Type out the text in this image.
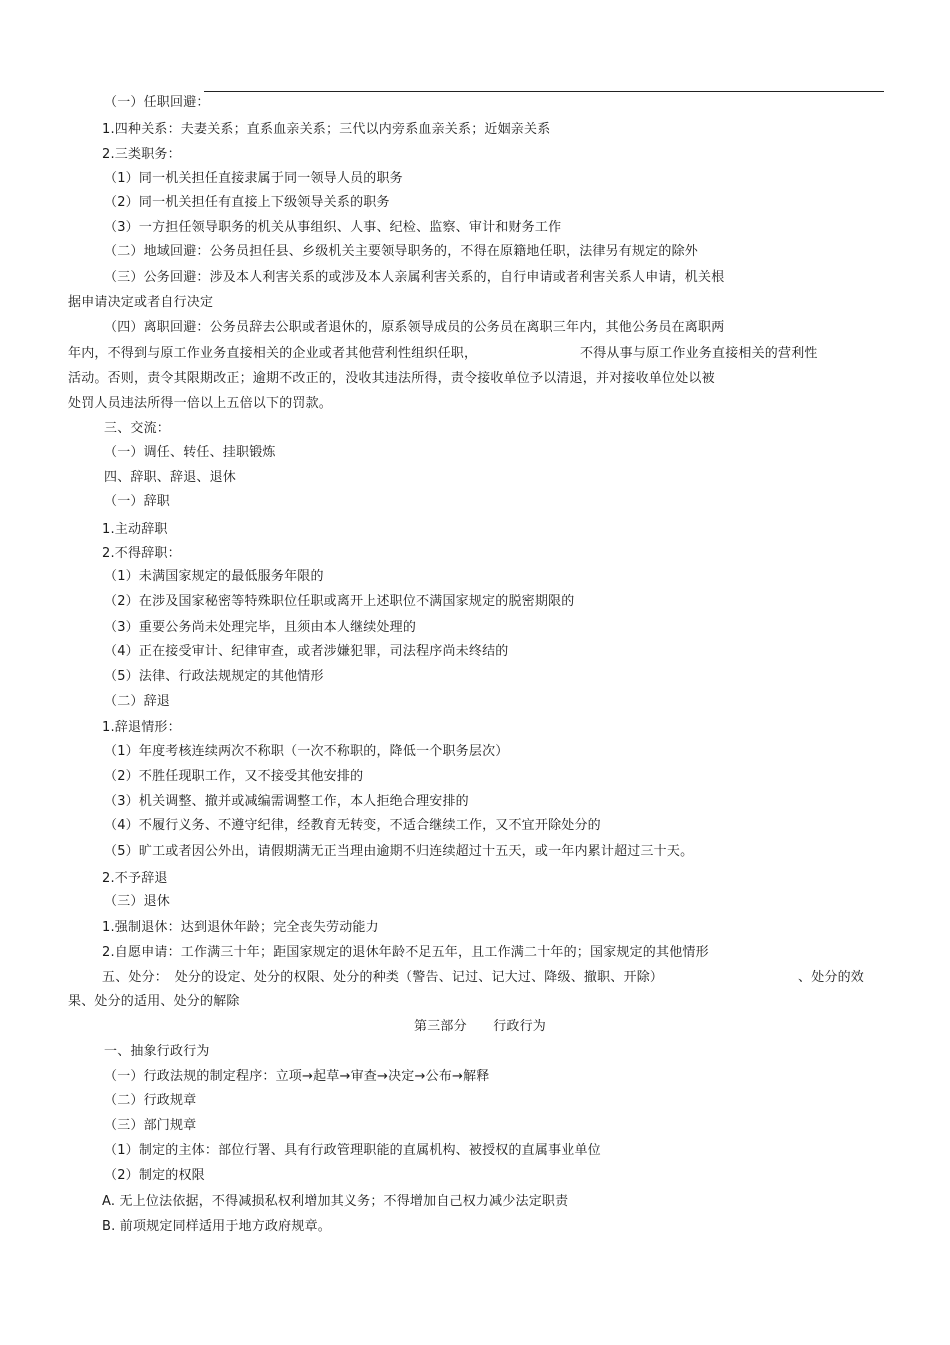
（一）任职回避：
1.四种关系：夫妻关系；直系血亲关系；三代以内旁系血亲关系；近姻亲关系
2.三类职务：
（1）同一机关担任直接隶属于同一领导人员的职务
（2）同一机关担任有直接上下级领导关系的职务
（3）一方担任领导职务的机关从事组织、人事、纪检、监察、审计和财务工作
（二）地域回避：公务员担任县、乡级机关主要领导职务的，不得在原籍地任职，法律另有规定的除外
（三）公务回避：涉及本人利害关系的或涉及本人亲属利害关系的，自行申请或者利害关系人申请，机关根
据申请决定或者自行决定
（四）离职回避：公务员辞去公职或者退休的，原系领导成员的公务员在离职三年内，其他公务员在离职两
年内，不得到与原工作业务直接相关的企业或者其他营利性组织任职，	不得从事与原工作业务直接相关的营利性
活动。否则，责令其限期改正；逾期不改正的，没收其违法所得，责令接收单位予以清退，并对接收单位处以被
处罚人员违法所得一倍以上五倍以下的罚款。
三、交流：
（一）调任、转任、挂职锻炼
四、辞职、辞退、退休
（一）辞职
1.主动辞职
2.不得辞职：
（1）未满国家规定的最低服务年限的
（2）在涉及国家秘密等特殊职位任职或离开上述职位不满国家规定的脱密期限的
（3）重要公务尚未处理完毕，且须由本人继续处理的
（4）正在接受审计、纪律审查，或者涉嫌犯罪，司法程序尚未终结的
（5）法律、行政法规规定的其他情形
（二）辞退
1.辞退情形：
（1）年度考核连续两次不称职（一次不称职的，降低一个职务层次）
（2）不胜任现职工作，又不接受其他安排的
（3）机关调整、撤并或减编需调整工作，本人拒绝合理安排的
（4）不履行义务、不遵守纪律，经教育无转变，不适合继续工作，又不宜开除处分的
（5）旷工或者因公外出，请假期满无正当理由逾期不归连续超过十五天，或一年内累计超过三十天。
2.不予辞退
（三）退休
1.强制退休：达到退休年龄；完全丧失劳动能力
2.自愿申请：工作满三十年；距国家规定的退休年龄不足五年，且工作满二十年的；国家规定的其他情形
五、处分：　处分的设定、处分的权限、处分的种类（警告、记过、记大过、降级、撤职、开除）	、处分的效
果、处分的适用、处分的解除
第三部分　　行政行为
一、抽象行政行为
（一）行政法规的制定程序：立项→起草→审查→决定→公布→解释
（二）行政规章
（三）部门规章
（1）制定的主体：部位行署、具有行政管理职能的直属机构、被授权的直属事业单位
（2）制定的权限
A. 无上位法依据，不得减损私权利增加其义务；不得增加自己权力减少法定职责
B. 前项规定同样适用于地方政府规章。
